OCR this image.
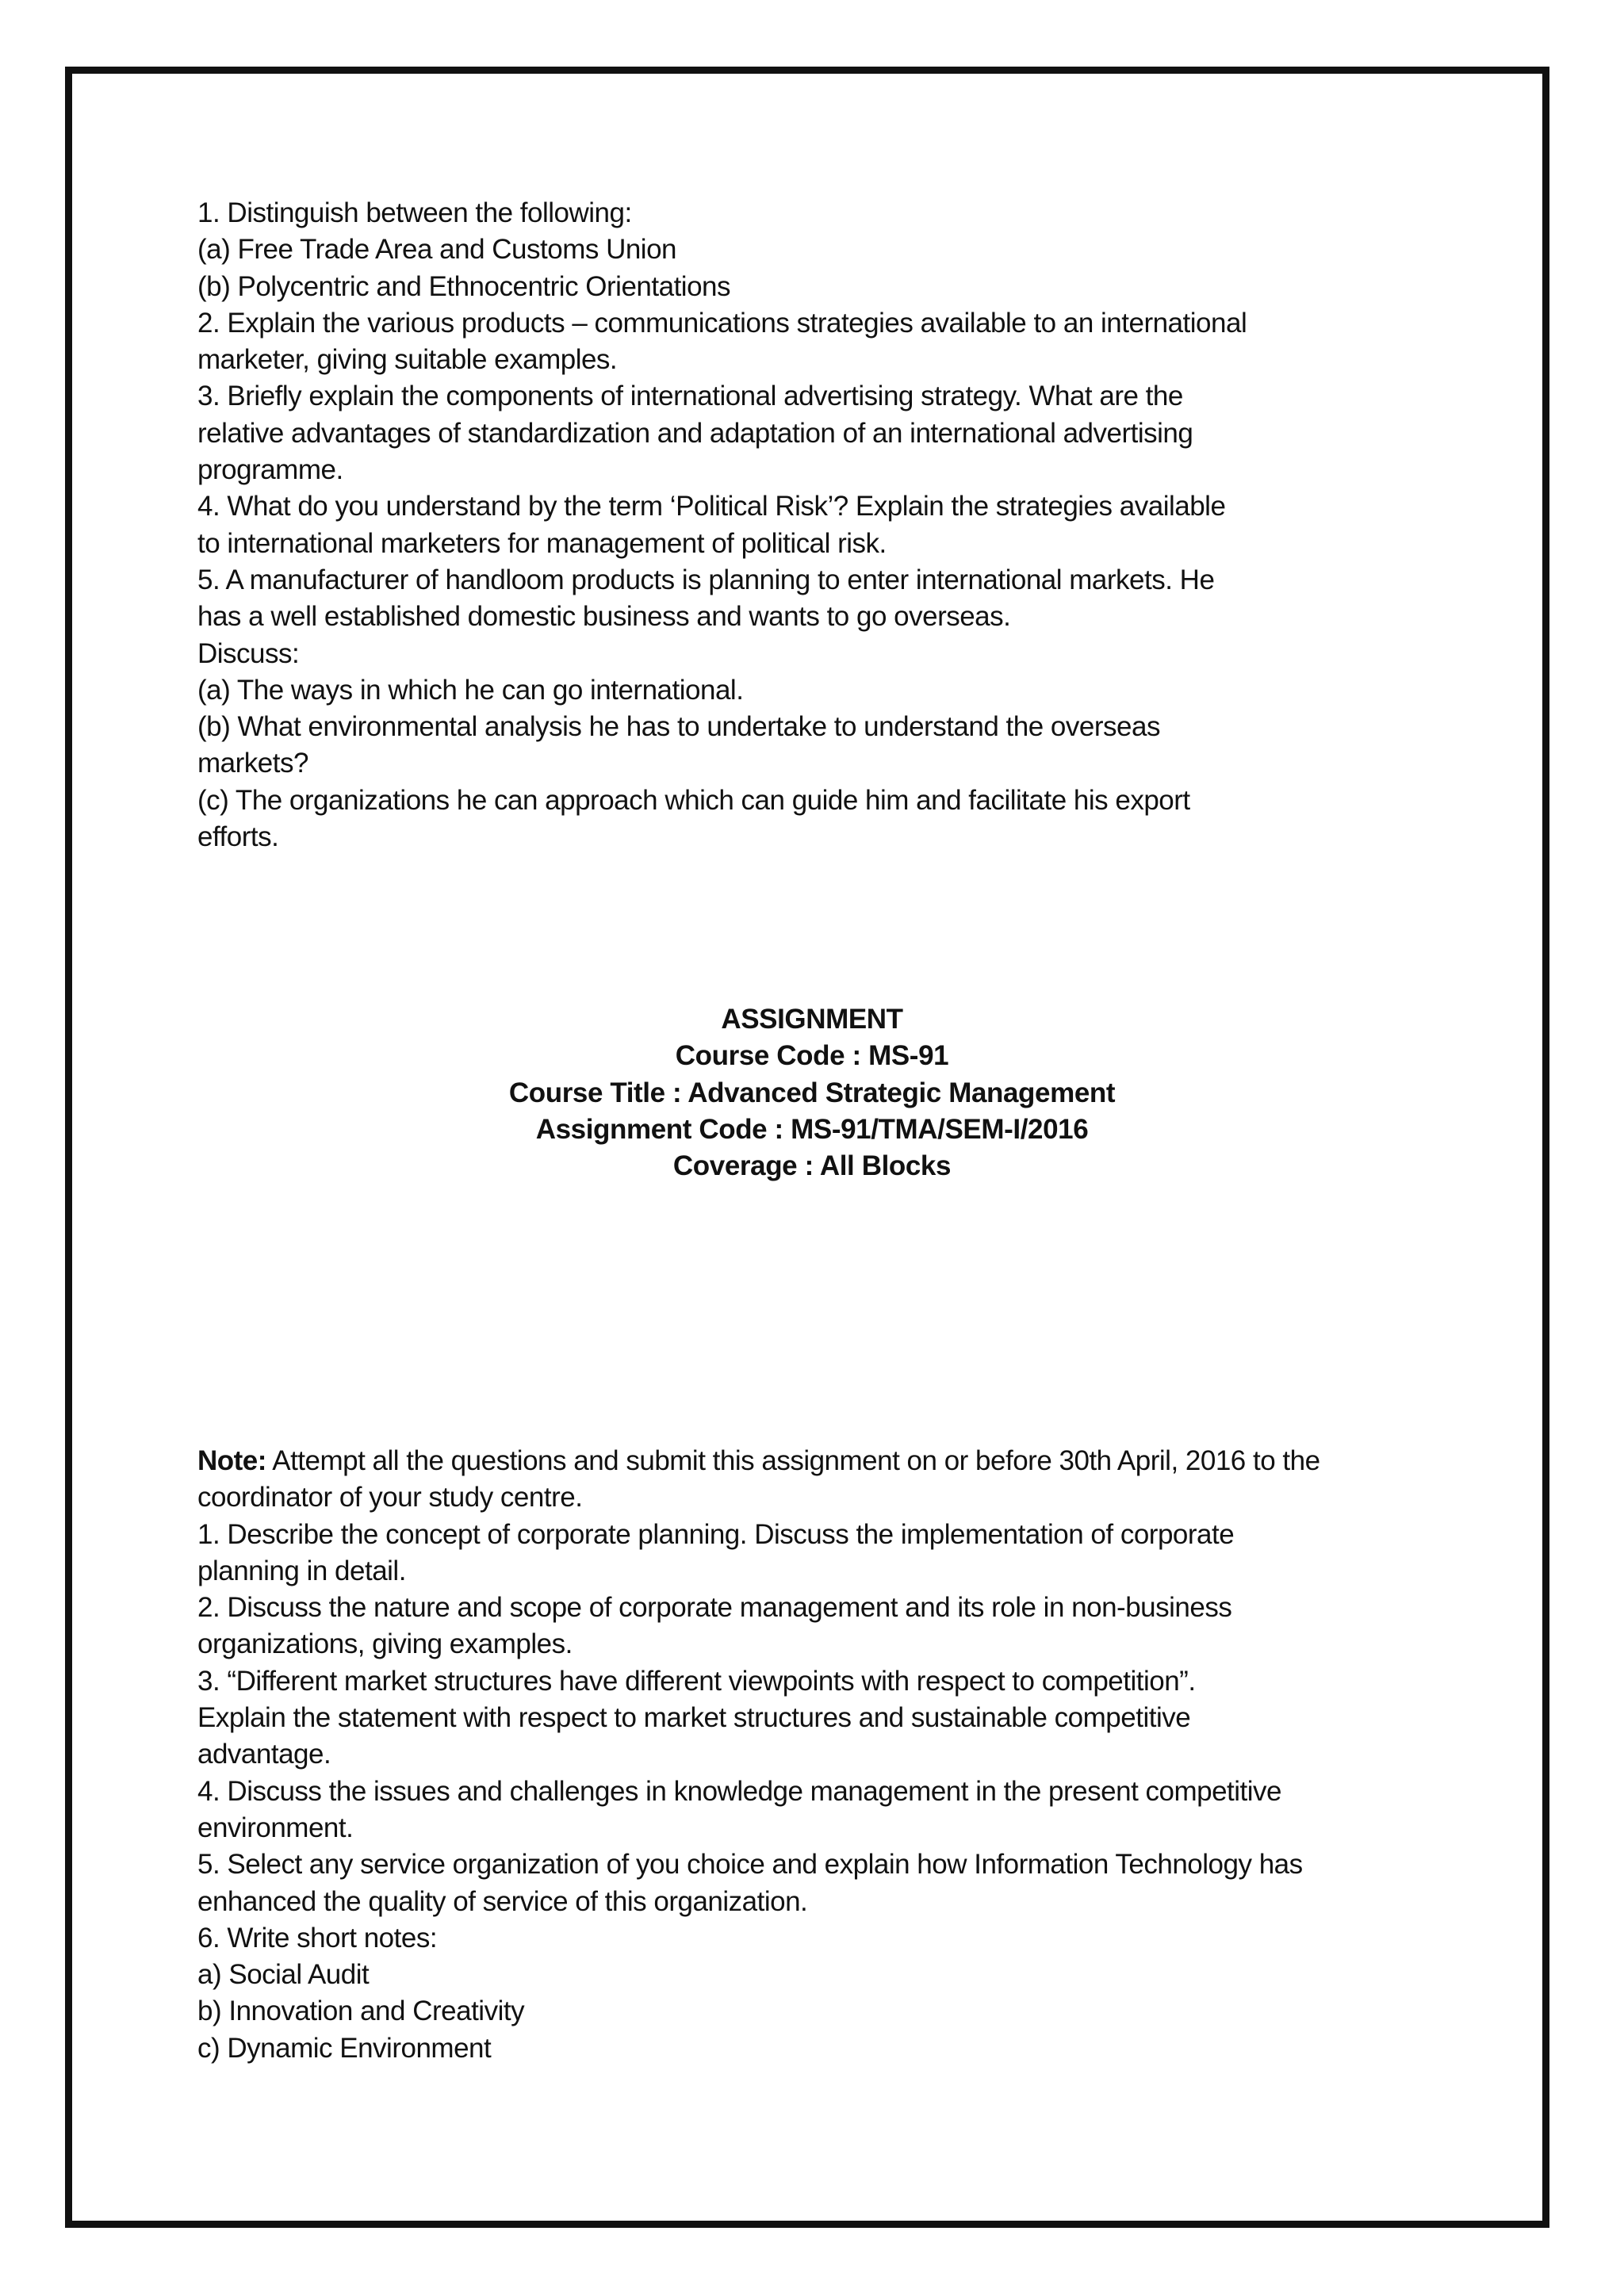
1. Distinguish between the following:
(a) Free Trade Area and Customs Union
(b) Polycentric and Ethnocentric Orientations
2. Explain the various products – communications strategies available to an international
marketer, giving suitable examples.
3. Briefly explain the components of international advertising strategy. What are the
relative advantages of standardization and adaptation of an international advertising
programme.
4. What do you understand by the term ‘Political Risk’? Explain the strategies available
to international marketers for management of political risk.
5. A manufacturer of handloom products is planning to enter international markets. He
has a well established domestic business and wants to go overseas.
Discuss:
(a) The ways in which he can go international.
(b) What environmental analysis he has to undertake to understand the overseas
markets?
(c) The organizations he can approach which can guide him and facilitate his export
efforts.
ASSIGNMENT
Course Code : MS-91
Course Title : Advanced Strategic Management
Assignment Code : MS-91/TMA/SEM-I/2016
Coverage : All Blocks
Note: Attempt all the questions and submit this assignment on or before 30th April, 2016 to the
coordinator of your study centre.
1. Describe the concept of corporate planning. Discuss the implementation of corporate
planning in detail.
2. Discuss the nature and scope of corporate management and its role in non-business
organizations, giving examples.
3. “Different market structures have different viewpoints with respect to competition”.
Explain the statement with respect to market structures and sustainable competitive
advantage.
4. Discuss the issues and challenges in knowledge management in the present competitive
environment.
5. Select any service organization of you choice and explain how Information Technology has
enhanced the quality of service of this organization.
6. Write short notes:
a) Social Audit
b) Innovation and Creativity
c) Dynamic Environment
